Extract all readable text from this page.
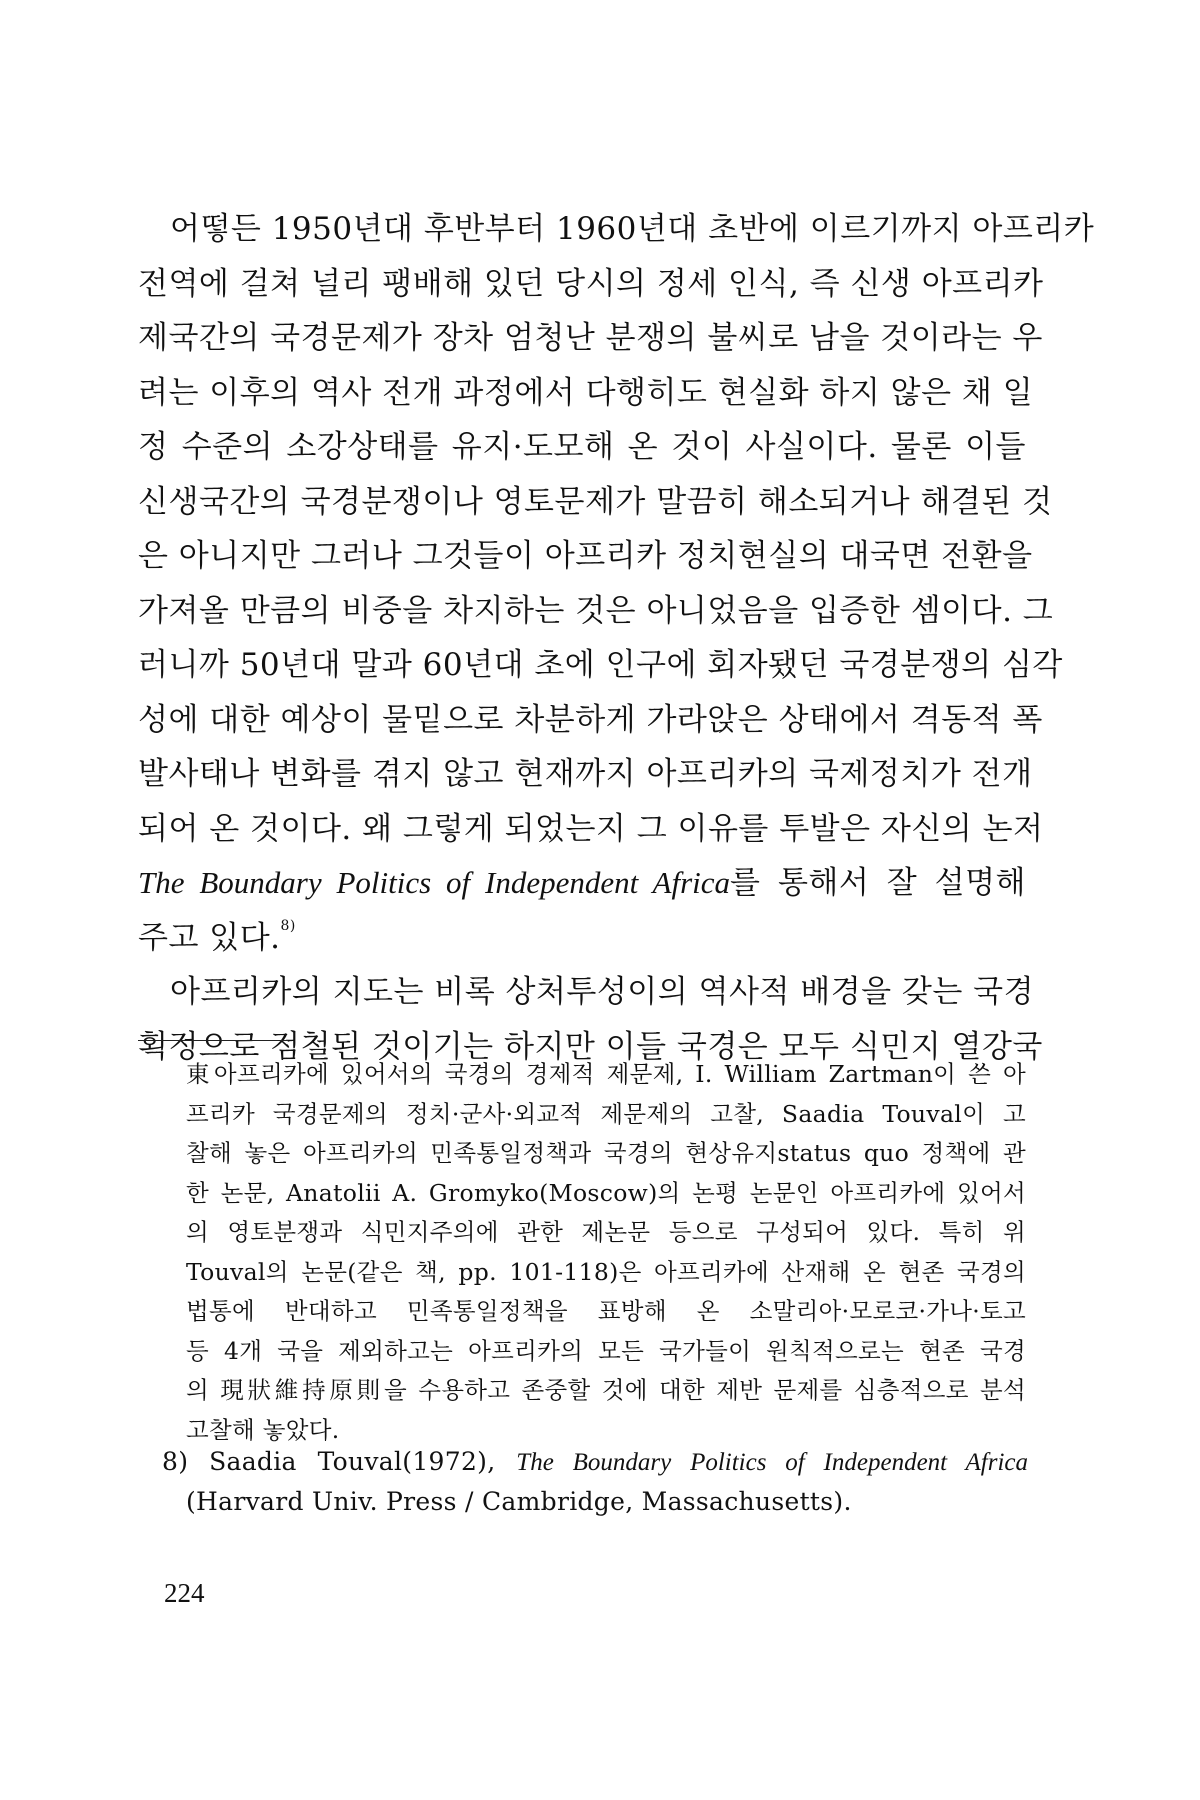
어떻든 1950년대 후반부터 1960년대 초반에 이르기까지 아프리카
전역에 걸쳐 널리 팽배해 있던 당시의 정세 인식, 즉 신생 아프리카
제국간의 국경문제가 장차 엄청난 분쟁의 불씨로 남을 것이라는 우
려는 이후의 역사 전개 과정에서 다행히도 현실화 하지 않은 채 일
정 수준의 소강상태를 유지·도모해 온 것이 사실이다. 물론 이들
신생국간의 국경분쟁이나 영토문제가 말끔히 해소되거나 해결된 것
은 아니지만 그러나 그것들이 아프리카 정치현실의 대국면 전환을
가져올 만큼의 비중을 차지하는 것은 아니었음을 입증한 셈이다. 그
러니까 50년대 말과 60년대 초에 인구에 회자됐던 국경분쟁의 심각
성에 대한 예상이 물밑으로 차분하게 가라앉은 상태에서 격동적 폭
발사태나 변화를 겪지 않고 현재까지 아프리카의 국제정치가 전개
되어 온 것이다. 왜 그렇게 되었는지 그 이유를 투발은 자신의 논저
The Boundary Politics of Independent Africa를 통해서 잘 설명해
주고 있다.$^{8)}$
아프리카의 지도는 비록 상처투성이의 역사적 배경을 갖는 국경
획정으로 점철된 것이기는 하지만 이들 국경은 모두 식민지 열강국
東아프리카에 있어서의 국경의 경제적 제문제, I. William Zartman이 쓴 아
프리카 국경문제의 정치·군사·외교적 제문제의 고찰, Saadia Touval이 고
찰해 놓은 아프리카의 민족통일정책과 국경의 현상유지status quo 정책에 관
한 논문, Anatolii A. Gromyko(Moscow)의 논평 논문인 아프리카에 있어서
의 영토분쟁과 식민지주의에 관한 제논문 등으로 구성되어 있다. 특히 위
Touval의 논문(같은 책, pp. 101-118)은 아프리카에 산재해 온 현존 국경의
법통에 반대하고 민족통일정책을 표방해 온 소말리아·모로코·가나·토고
등 4개 국을 제외하고는 아프리카의 모든 국가들이 원칙적으로는 현존 국경
의 現狀維持原則을 수용하고 존중할 것에 대한 제반 문제를 심층적으로 분석
고찰해 놓았다.
8) Saadia Touval(1972), The Boundary Politics of Independent Africa
(Harvard Univ. Press / Cambridge, Massachusetts).
224
